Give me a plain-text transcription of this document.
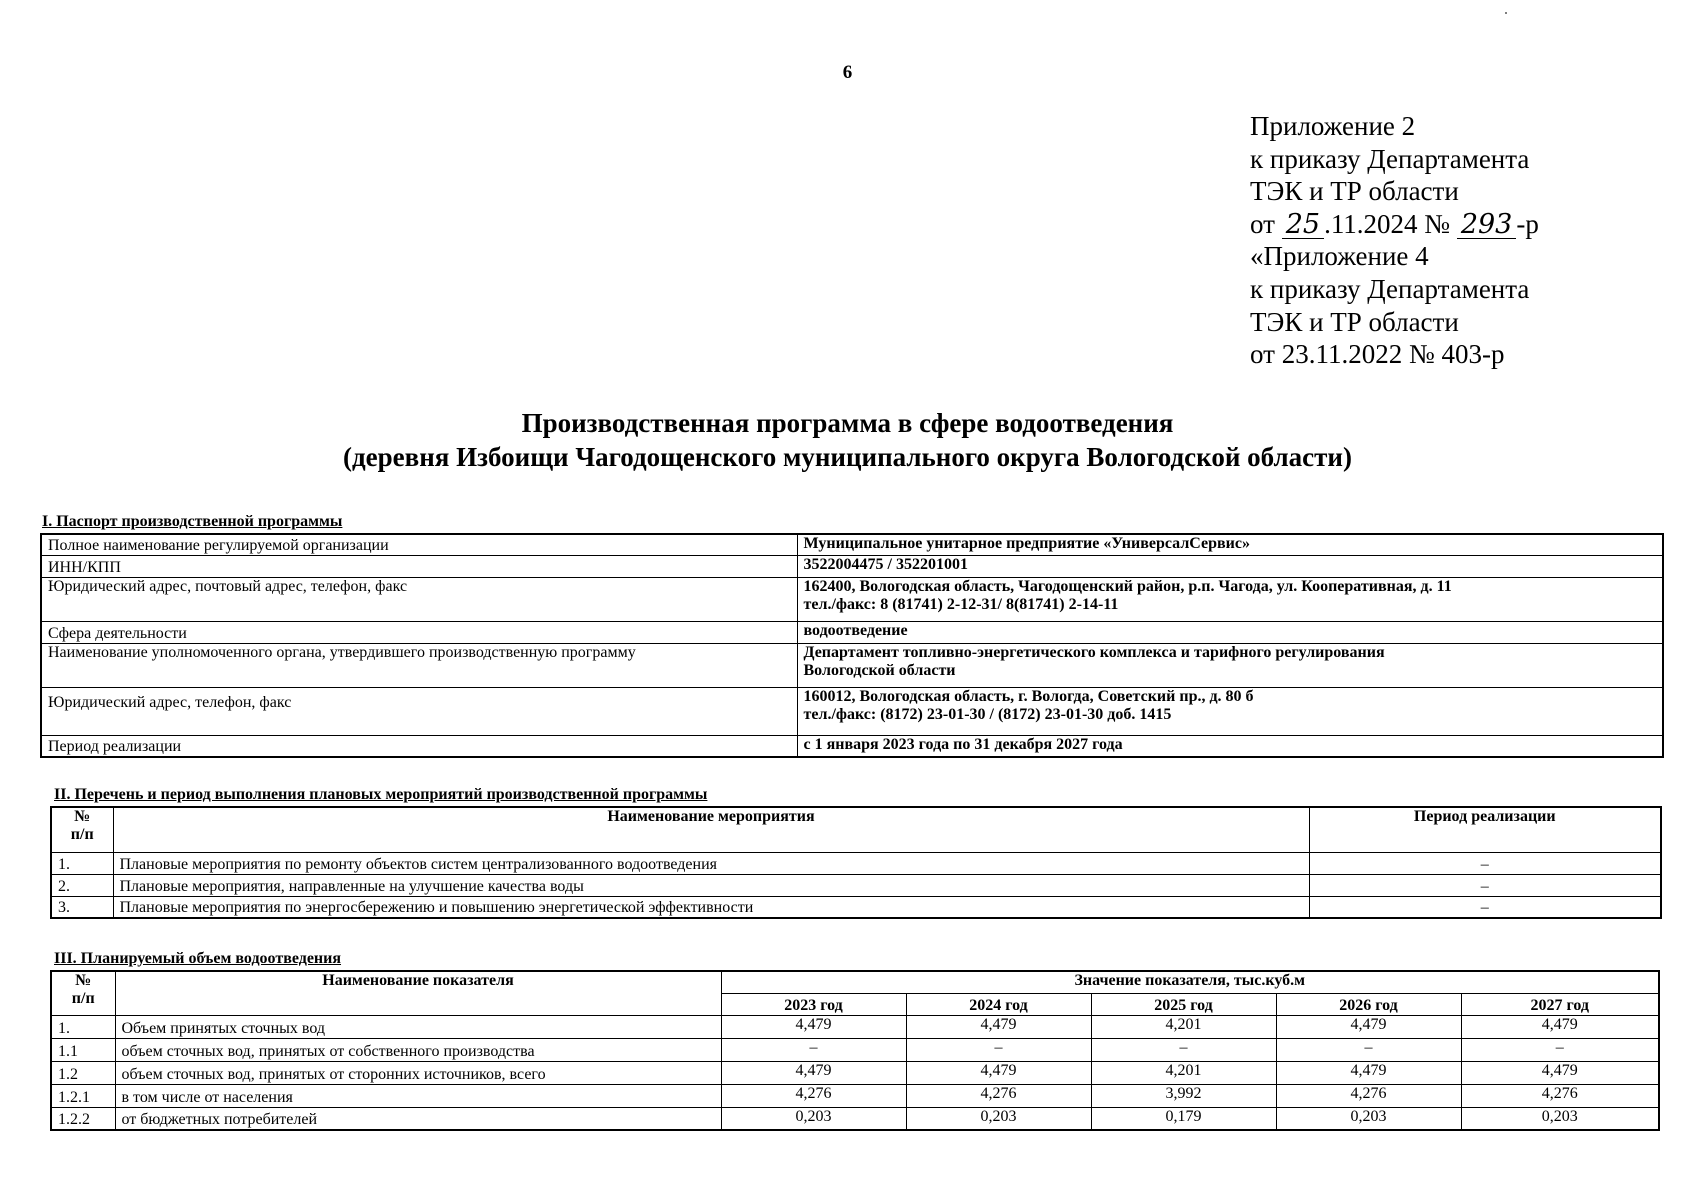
6
Приложение 2
к приказу Департамента
ТЭК и ТР области
от 25 .11.2024 № 293 -р
«Приложение 4
к приказу Департамента
ТЭК и ТР области
от 23.11.2022 № 403-р
Производственная программа в сфере водоотведения
(деревня Избоищи Чагодощенского муниципального округа Вологодской области)
I. Паспорт производственной программы
Полное наименование регулируемой организации	Муниципальное унитарное предприятие «УниверсалСервис»
ИНН/КПП	3522004475 / 352201001
Юридический адрес, почтовый адрес, телефон, факс	162400, Вологодская область, Чагодощенский район, р.п. Чагода, ул. Кооперативная, д. 11
тел./факс: 8 (81741) 2-12-31/ 8(81741) 2-14-11

Сфера деятельности	водоотведение
Наименование уполномоченного органа, утвердившего производственную программу	Департамент топливно-энергетического комплекса и тарифного регулирования
Вологодской области

Юридический адрес, телефон, факс	160012, Вологодская область, г. Вологда, Советский пр., д. 80 б
тел./факс: (8172) 23-01-30 / (8172) 23-01-30 доб. 1415

Период реализации	с 1 января 2023 года по 31 декабря 2027 года
II. Перечень и период выполнения плановых мероприятий производственной программы
№
п/п	Наименование мероприятия	Период реализации
1.	Плановые мероприятия по ремонту объектов систем централизованного водоотведения	–
2.	Плановые мероприятия, направленные на улучшение качества воды	–
3.	Плановые мероприятия по энергосбережению и повышению энергетической эффективности	–
III. Планируемый объем водоотведения
№
п/п	Наименование показателя	Значение показателя, тыс.куб.м				
		2023 год	2024 год	2025 год	2026 год	2027 год
1.	Объем принятых сточных вод	4,479	4,479	4,201	4,479	4,479
1.1	объем сточных вод, принятых от собственного производства	–	–	–	–	–
1.2	объем сточных вод, принятых от сторонних источников, всего	4,479	4,479	4,201	4,479	4,479
1.2.1	в том числе от населения	4,276	4,276	3,992	4,276	4,276
1.2.2	от бюджетных потребителей	0,203	0,203	0,179	0,203	0,203
